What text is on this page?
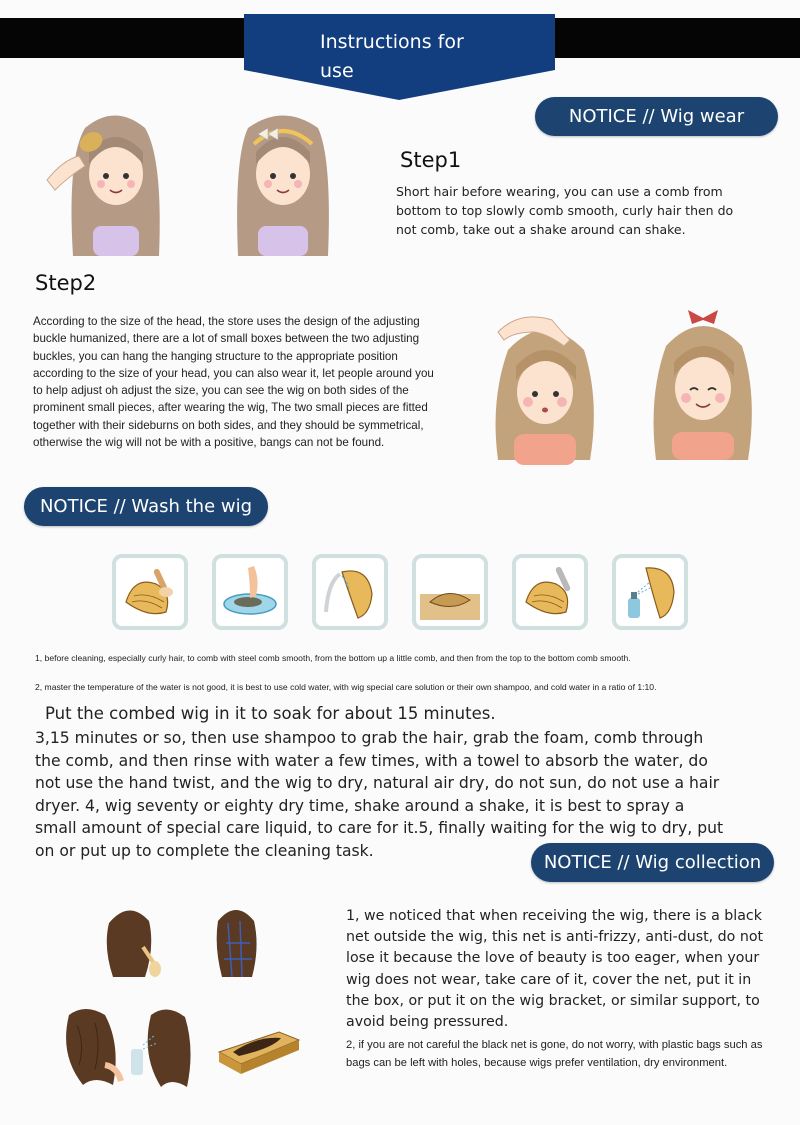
Instructions for
use
NOTICE // Wig wear
Step1
Short hair before wearing, you can use a comb from bottom to top slowly comb smooth, curly hair then do not comb, take out a shake around can shake.
Step2
According to the size of the head, the store uses the design of the adjusting buckle humanized, there are a lot of small boxes between the two adjusting buckles, you can hang the hanging structure to the appropriate position according to the size of your head, you can also wear it, let people around you to help adjust oh adjust the size, you can see the wig on both sides of the prominent small pieces, after wearing the wig, The two small pieces are fitted together with their sideburns on both sides, and they should be symmetrical, otherwise the wig will not be with a positive, bangs can not be found.
NOTICE // Wash the wig
1, before cleaning, especially curly hair, to comb with steel comb smooth, from the bottom up a little comb, and then from the top to the bottom comb smooth.
2, master the temperature of the water is not good, it is best to use cold water, with wig special care solution or their own shampoo, and cold water in a ratio of 1:10.
Put the combed wig in it to soak for about 15 minutes.
3,15 minutes or so, then use shampoo to grab the hair, grab the foam, comb through the comb, and then rinse with water a few times, with a towel to absorb the water, do not use the hand twist, and the wig to dry, natural air dry, do not sun, do not use a hair dryer. 4, wig seventy or eighty dry time, shake around a shake, it is best to spray a small amount of special care liquid, to care for it.5, finally waiting for the wig to dry, put on or put up to complete the cleaning task.
NOTICE // Wig collection
1, we noticed that when receiving the wig, there is a black net outside the wig, this net is anti-frizzy, anti-dust, do not lose it because the love of beauty is too eager, when your wig does not wear, take care of it, cover the net, put it in the box, or put it on the wig bracket, or similar support, to avoid being pressured.
2, if you are not careful the black net is gone, do not worry, with plastic bags such as bags can be left with holes, because wigs prefer ventilation, dry environment.
